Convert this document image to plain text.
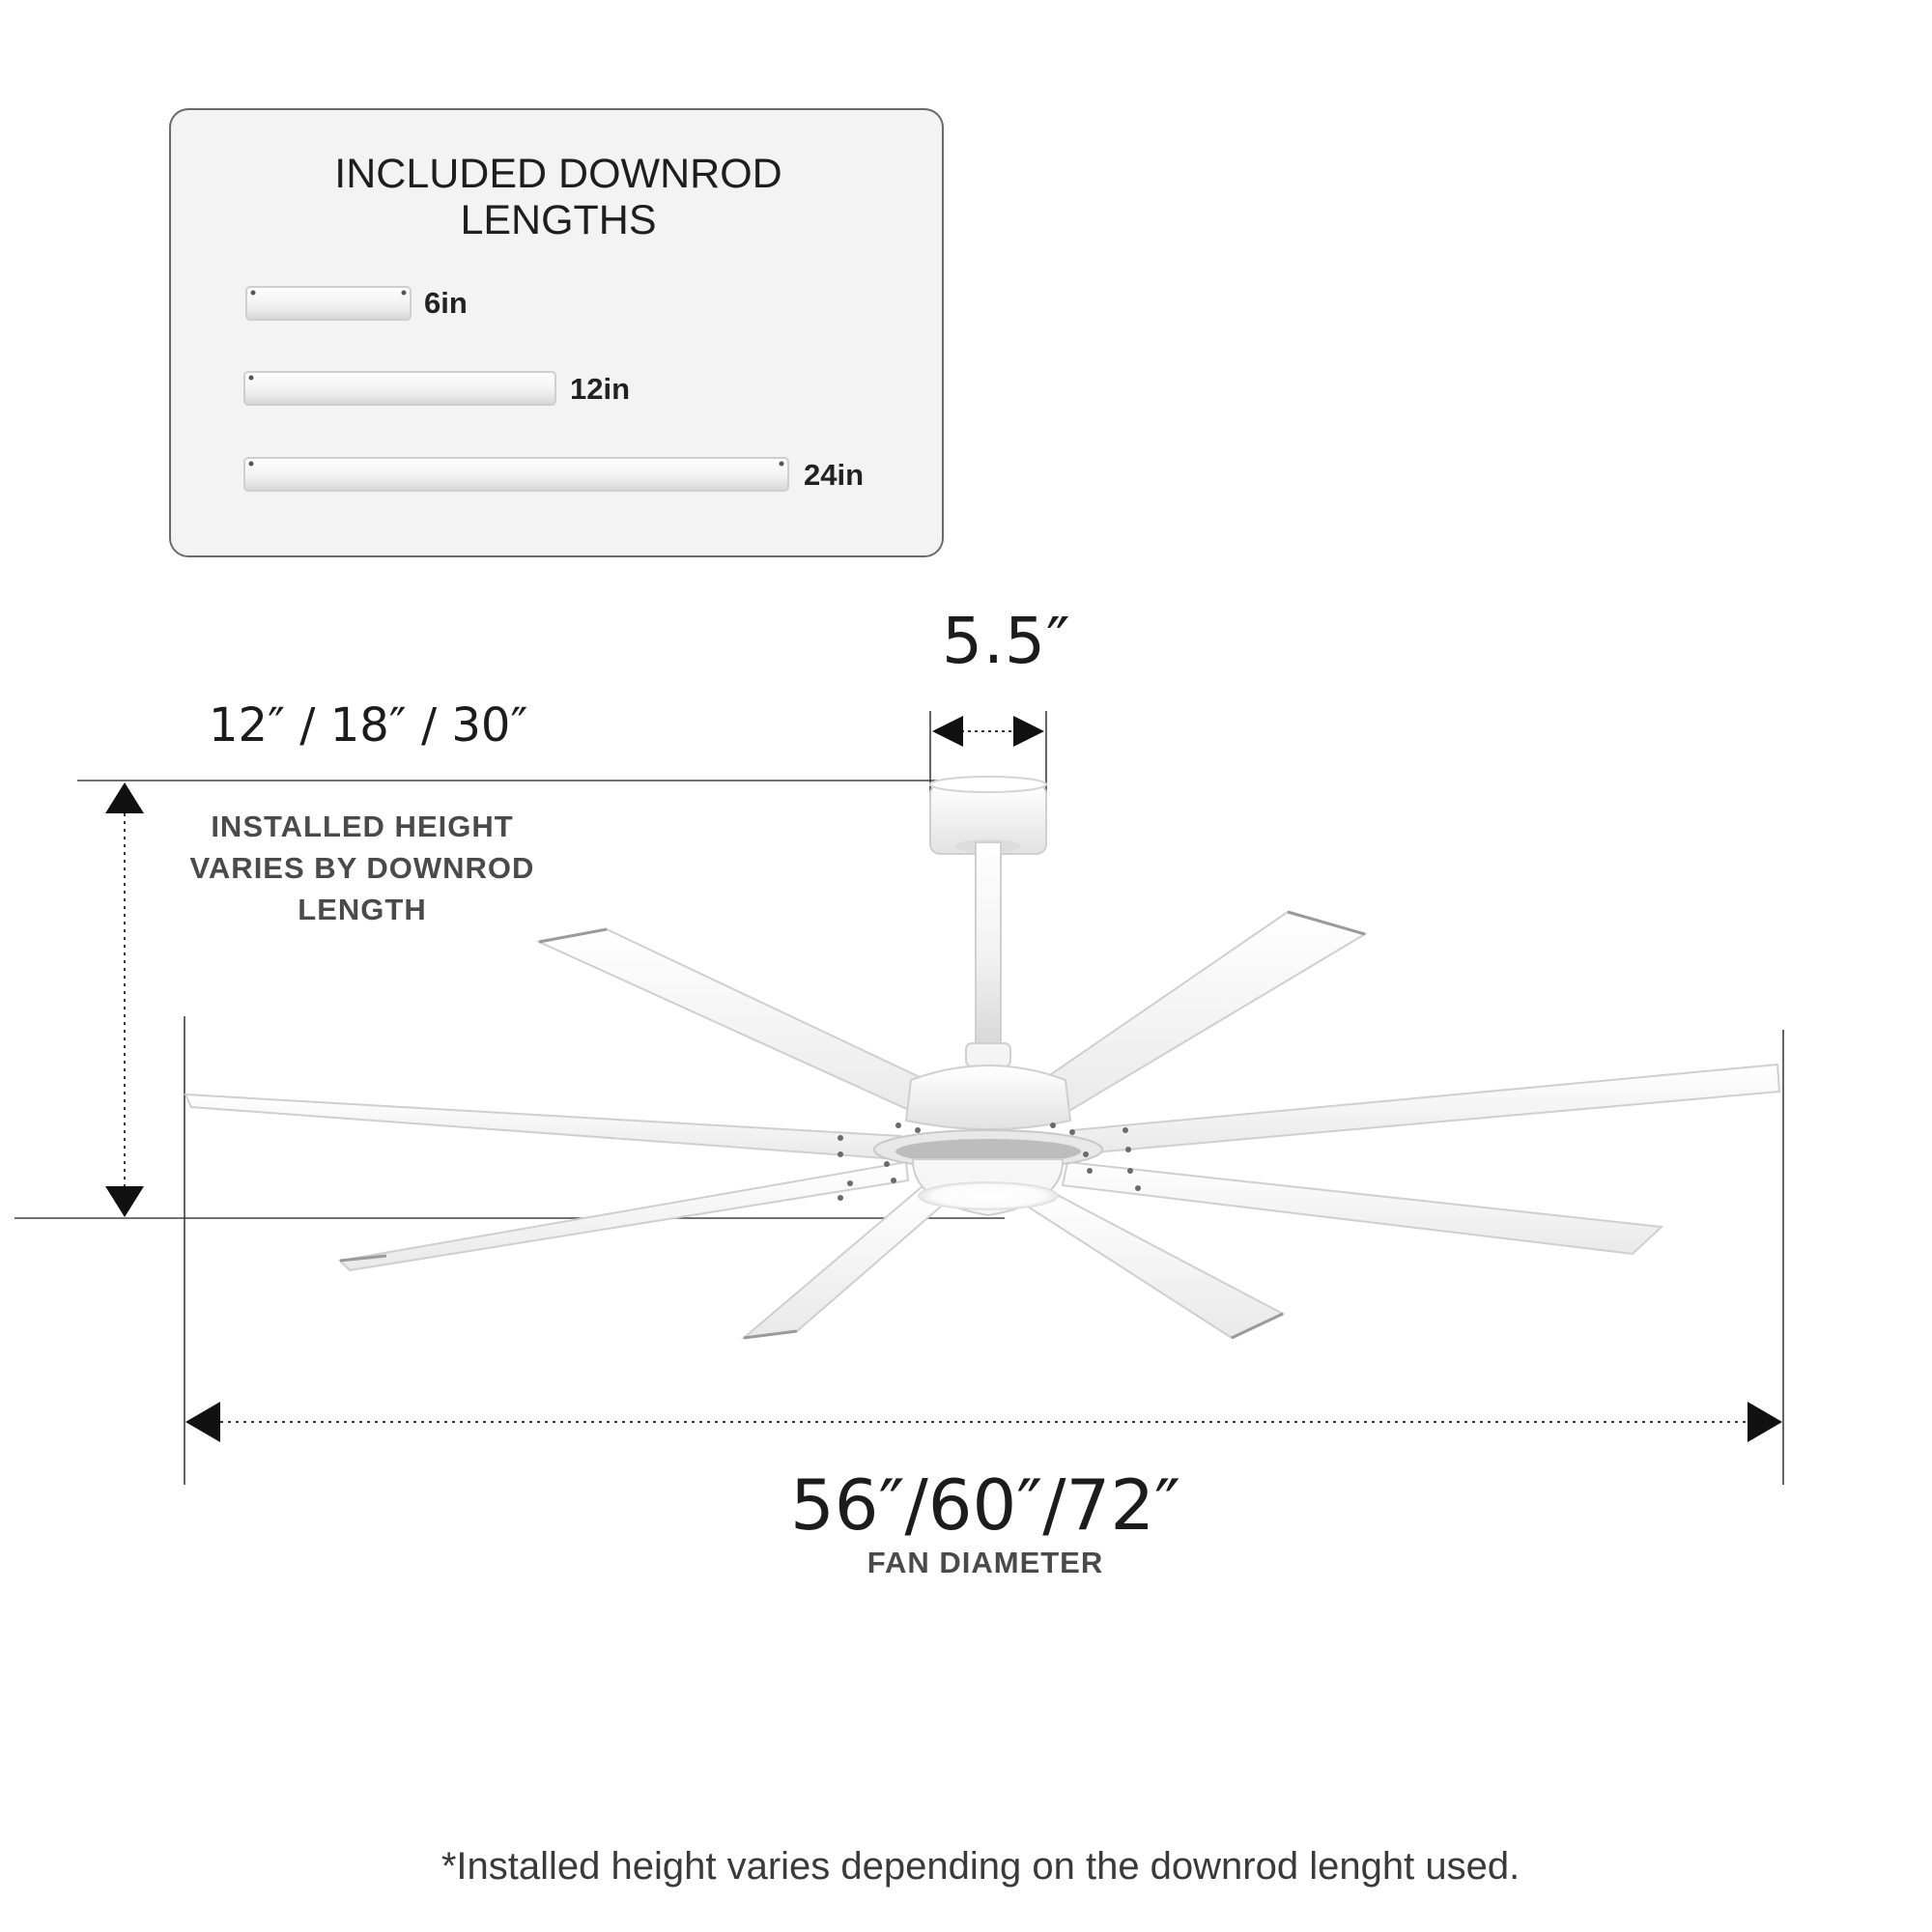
INCLUDED DOWNROD
LENGTHS
6in
12in
24in
5.5″
12″ / 18″ / 30″
INSTALLED HEIGHT
VARIES BY DOWNROD
LENGTH
56″/60″/72″
FAN DIAMETER
*Installed height varies depending on the downrod lenght used.
